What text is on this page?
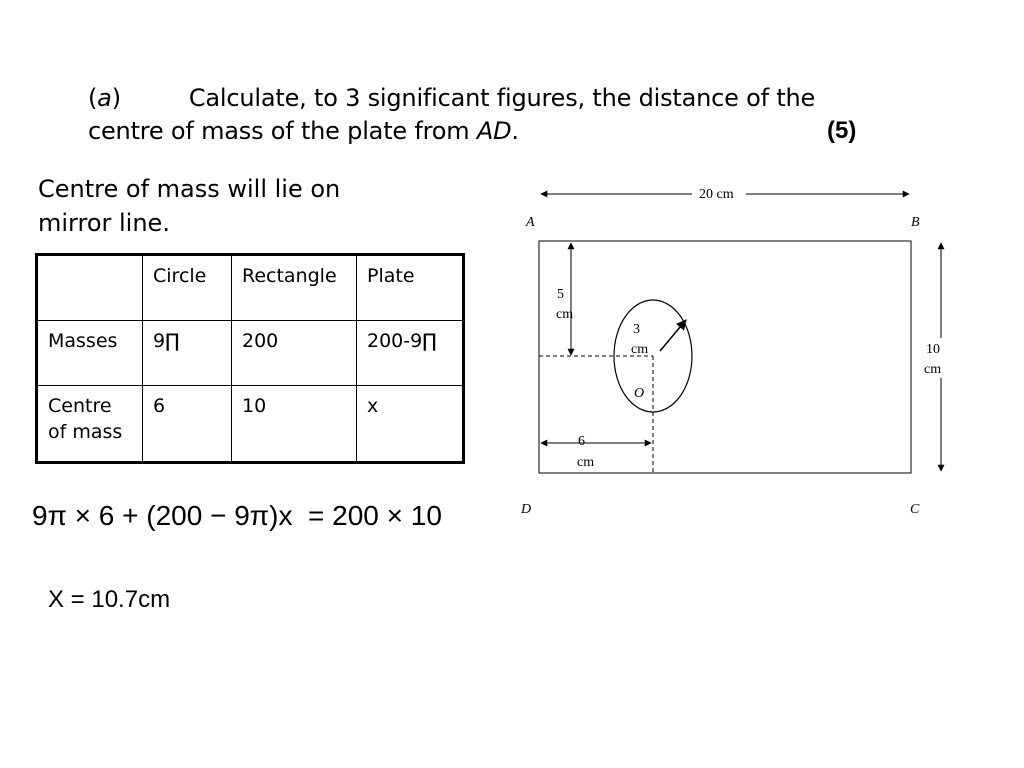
(a)	Calculate, to 3 significant figures, the distance of the
centre of mass of the plate from AD.	(5)
Centre of mass will lie on
mirror line.
	Circle	Rectangle	Plate
Masses	9∏	200	200-9∏
Centre of mass	6	10	x
9π × 6 + (200 − 9π)x = 200 × 10
X = 10.7cm
20 cm
10
cm
A	B
D	C
5
cm
3
cm
O
6
cm
